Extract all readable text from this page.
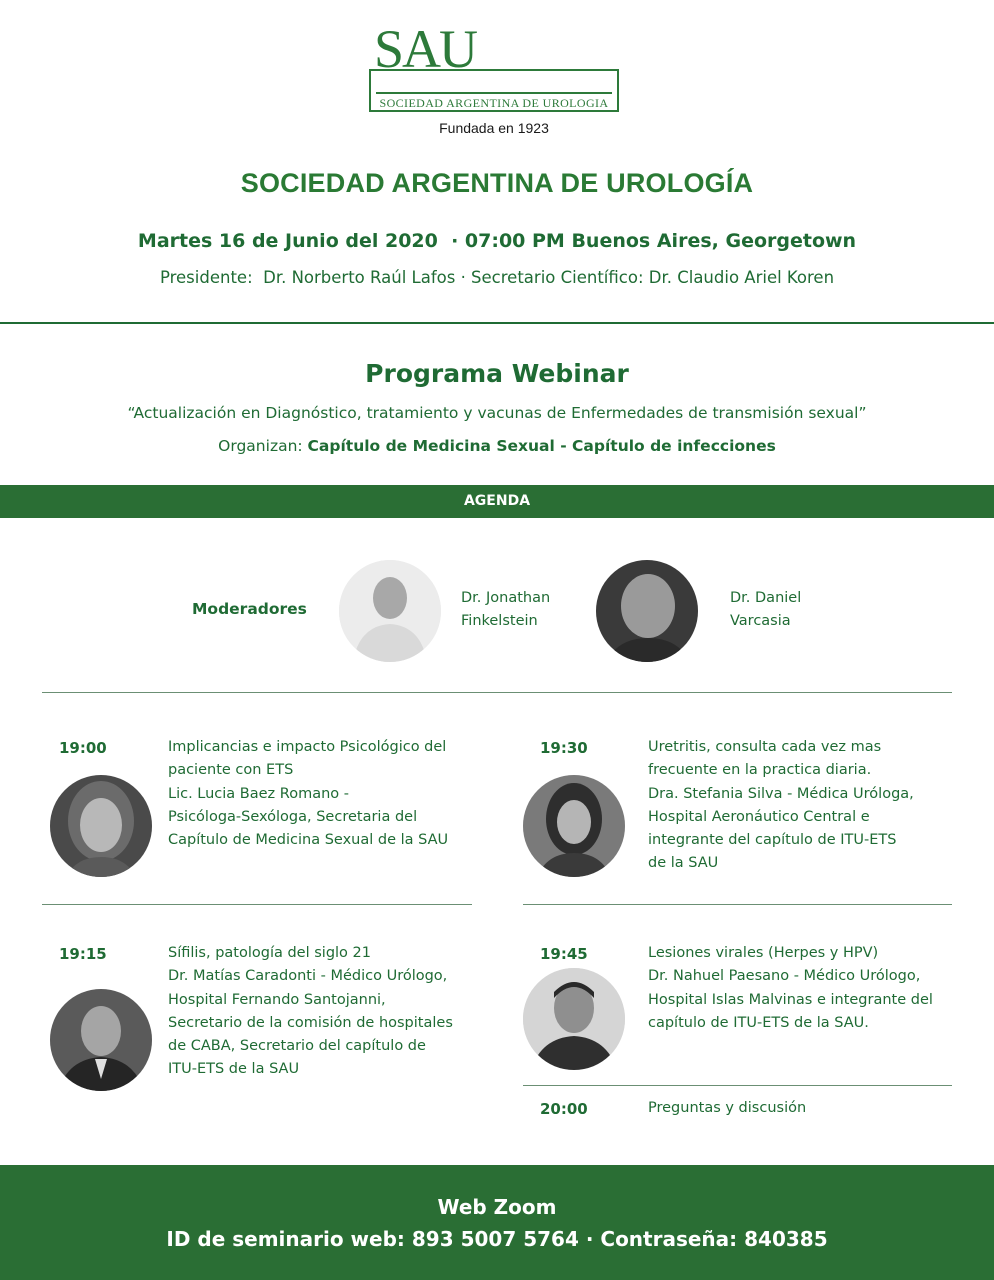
SAU
SOCIEDAD ARGENTINA DE UROLOGIA
Fundada en 1923
SOCIEDAD ARGENTINA DE UROLOGÍA
Martes 16 de Junio del 2020  · 07:00 PM Buenos Aires, Georgetown
Presidente:  Dr. Norberto Raúl Lafos · Secretario Científico: Dr. Claudio Ariel Koren
Programa Webinar
“Actualización en Diagnóstico, tratamiento y vacunas de Enfermedades de transmisión sexual”
Organizan: Capítulo de Medicina Sexual - Capítulo de infecciones
AGENDA
Moderadores
Dr. Jonathan
Finkelstein
Dr. Daniel
Varcasia
19:00	Implicancias e impacto Psicológico del
paciente con ETS
Lic. Lucia Baez Romano -
Psicóloga-Sexóloga, Secretaria del
Capítulo de Medicina Sexual de la SAU
19:30	Uretritis, consulta cada vez mas
frecuente en la practica diaria.
Dra. Stefania Silva - Médica Uróloga,
Hospital Aeronáutico Central e
integrante del capítulo de ITU-ETS
de la SAU
19:15	Sífilis, patología del siglo 21
Dr. Matías Caradonti - Médico Urólogo,
Hospital Fernando Santojanni,
Secretario de la comisión de hospitales
de CABA, Secretario del capítulo de
ITU-ETS de la SAU
19:45	Lesiones virales (Herpes y HPV)
Dr. Nahuel Paesano - Médico Urólogo,
Hospital Islas Malvinas e integrante del
capítulo de ITU-ETS de la SAU.
20:00	Preguntas y discusión
Web Zoom
ID de seminario web: 893 5007 5764 · Contraseña: 840385
